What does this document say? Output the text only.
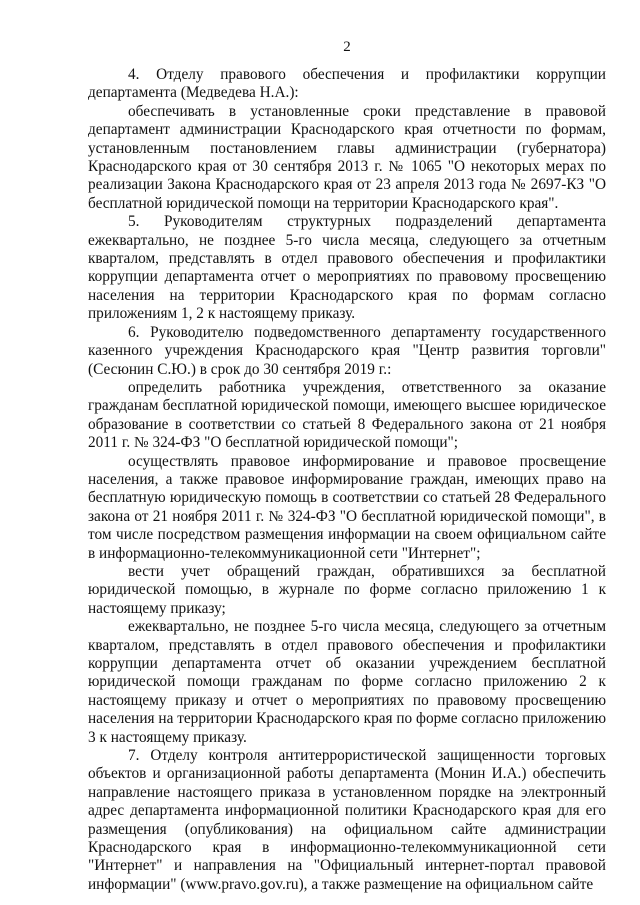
2

4. Отделу правового обеспечения и профилактики коррупции департамента (Медведева Н.А.):

обеспечивать в установленные сроки представление в правовой департамент администрации Краснодарского края отчетности по формам, установленным постановлением главы администрации (губернатора) Краснодарского края от 30 сентября 2013 г. № 1065 "О некоторых мерах по реализации Закона Краснодарского края от 23 апреля 2013 года № 2697-КЗ "О бесплатной юридической помощи на территории Краснодарского края".

5. Руководителям структурных подразделений департамента ежеквартально, не позднее 5-го числа месяца, следующего за отчетным кварталом, представлять в отдел правового обеспечения и профилактики коррупции департамента отчет о мероприятиях по правовому просвещению населения на территории Краснодарского края по формам согласно приложениям 1, 2 к настоящему приказу.

6. Руководителю подведомственного департаменту государственного казенного учреждения Краснодарского края "Центр развития торговли" (Сесюнин С.Ю.) в срок до 30 сентября 2019 г.:

определить работника учреждения, ответственного за оказание гражданам бесплатной юридической помощи, имеющего высшее юридическое образование в соответствии со статьей 8 Федерального закона от 21 ноября 2011 г. № 324-ФЗ "О бесплатной юридической помощи";

осуществлять правовое информирование и правовое просвещение населения, а также правовое информирование граждан, имеющих право на бесплатную юридическую помощь в соответствии со статьей 28 Федерального закона от 21 ноября 2011 г. № 324-ФЗ "О бесплатной юридической помощи", в том числе посредством размещения информации на своем официальном сайте в информационно-телекоммуникационной сети "Интернет";

вести учет обращений граждан, обратившихся за бесплатной юридической помощью, в журнале по форме согласно приложению 1 к настоящему приказу;

ежеквартально, не позднее 5-го числа месяца, следующего за отчетным кварталом, представлять в отдел правового обеспечения и профилактики коррупции департамента отчет об оказании учреждением бесплатной юридической помощи гражданам по форме согласно приложению 2 к настоящему приказу и отчет о мероприятиях по правовому просвещению населения на территории Краснодарского края по форме согласно приложению 3 к настоящему приказу.

7. Отделу контроля антитеррористической защищенности торговых объектов и организационной работы департамента (Монин И.А.) обеспечить направление настоящего приказа в установленном порядке на электронный адрес департамента информационной политики Краснодарского края для его размещения (опубликования) на официальном сайте администрации Краснодарского края в информационно-телекоммуникационной сети "Интернет" и направления на "Официальный интернет-портал правовой информации" (www.pravo.gov.ru), а также размещение на официальном сайте
